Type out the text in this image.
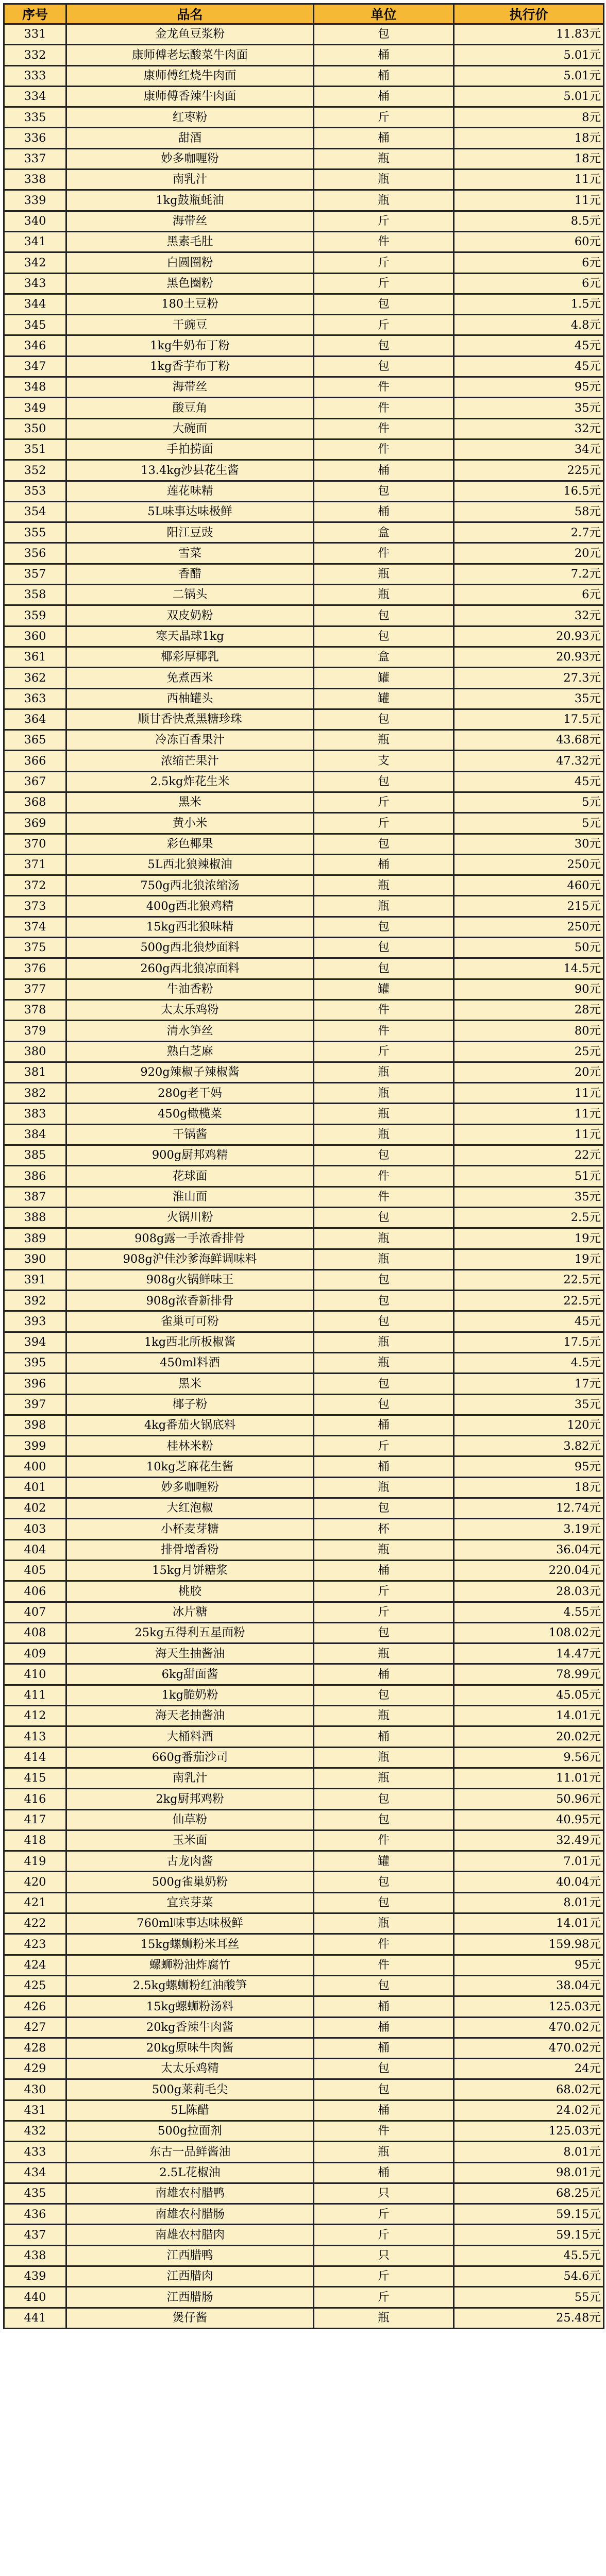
序号	品名	单位	执行价
331	金龙鱼豆浆粉	包	11.83元
332	康师傅老坛酸菜牛肉面	桶	5.01元
333	康师傅红烧牛肉面	桶	5.01元
334	康师傅香辣牛肉面	桶	5.01元
335	红枣粉	斤	8元
336	甜酒	桶	18元
337	妙多咖喱粉	瓶	18元
338	南乳汁	瓶	11元
339	1kg鼓瓶蚝油	瓶	11元
340	海带丝	斤	8.5元
341	黑素毛肚	件	60元
342	白圆圈粉	斤	6元
343	黑色圈粉	斤	6元
344	180土豆粉	包	1.5元
345	干豌豆	斤	4.8元
346	1kg牛奶布丁粉	包	45元
347	1kg香芋布丁粉	包	45元
348	海带丝	件	95元
349	酸豆角	件	35元
350	大碗面	件	32元
351	手拍捞面	件	34元
352	13.4kg沙县花生酱	桶	225元
353	莲花味精	包	16.5元
354	5L味事达味极鲜	桶	58元
355	阳江豆豉	盒	2.7元
356	雪菜	件	20元
357	香醋	瓶	7.2元
358	二锅头	瓶	6元
359	双皮奶粉	包	32元
360	寒天晶球1kg	包	20.93元
361	椰彩厚椰乳	盒	20.93元
362	免煮西米	罐	27.3元
363	西柚罐头	罐	35元
364	顺甘香快煮黑糖珍珠	包	17.5元
365	冷冻百香果汁	瓶	43.68元
366	浓缩芒果汁	支	47.32元
367	2.5kg炸花生米	包	45元
368	黑米	斤	5元
369	黄小米	斤	5元
370	彩色椰果	包	30元
371	5L西北狼辣椒油	桶	250元
372	750g西北狼浓缩汤	瓶	460元
373	400g西北狼鸡精	瓶	215元
374	15kg西北狼味精	包	250元
375	500g西北狼炒面料	包	50元
376	260g西北狼凉面料	包	14.5元
377	牛油香粉	罐	90元
378	太太乐鸡粉	件	28元
379	清水笋丝	件	80元
380	熟白芝麻	斤	25元
381	920g辣椒子辣椒酱	瓶	20元
382	280g老干妈	瓶	11元
383	450g橄榄菜	瓶	11元
384	干锅酱	瓶	11元
385	900g厨邦鸡精	包	22元
386	花球面	件	51元
387	淮山面	件	35元
388	火锅川粉	包	2.5元
389	908g露一手浓香排骨	瓶	19元
390	908g沪佳沙爹海鲜调味料	瓶	19元
391	908g火锅鲜味王	包	22.5元
392	908g浓香新排骨	包	22.5元
393	雀巢可可粉	包	45元
394	1kg西北所板椒酱	瓶	17.5元
395	450ml料酒	瓶	4.5元
396	黑米	包	17元
397	椰子粉	包	35元
398	4kg番茄火锅底料	桶	120元
399	桂林米粉	斤	3.82元
400	10kg芝麻花生酱	桶	95元
401	妙多咖喱粉	瓶	18元
402	大红泡椒	包	12.74元
403	小杯麦芽糖	杯	3.19元
404	排骨增香粉	瓶	36.04元
405	15kg月饼糖浆	桶	220.04元
406	桃胶	斤	28.03元
407	冰片糖	斤	4.55元
408	25kg五得利五星面粉	包	108.02元
409	海天生抽酱油	瓶	14.47元
410	6kg甜面酱	桶	78.99元
411	1kg脆奶粉	包	45.05元
412	海天老抽酱油	瓶	14.01元
413	大桶料酒	桶	20.02元
414	660g番茄沙司	瓶	9.56元
415	南乳汁	瓶	11.01元
416	2kg厨邦鸡粉	包	50.96元
417	仙草粉	包	40.95元
418	玉米面	件	32.49元
419	古龙肉酱	罐	7.01元
420	500g雀巢奶粉	包	40.04元
421	宜宾芽菜	包	8.01元
422	760ml味事达味极鲜	瓶	14.01元
423	15kg螺蛳粉米耳丝	件	159.98元
424	螺蛳粉油炸腐竹	件	95元
425	2.5kg螺蛳粉红油酸笋	包	38.04元
426	15kg螺蛳粉汤料	桶	125.03元
427	20kg香辣牛肉酱	桶	470.02元
428	20kg原味牛肉酱	桶	470.02元
429	太太乐鸡精	包	24元
430	500g莱莉毛尖	包	68.02元
431	5L陈醋	桶	24.02元
432	500g拉面剂	件	125.03元
433	东古一品鲜酱油	瓶	8.01元
434	2.5L花椒油	桶	98.01元
435	南雄农村腊鸭	只	68.25元
436	南雄农村腊肠	斤	59.15元
437	南雄农村腊肉	斤	59.15元
438	江西腊鸭	只	45.5元
439	江西腊肉	斤	54.6元
440	江西腊肠	斤	55元
441	煲仔酱	瓶	25.48元
